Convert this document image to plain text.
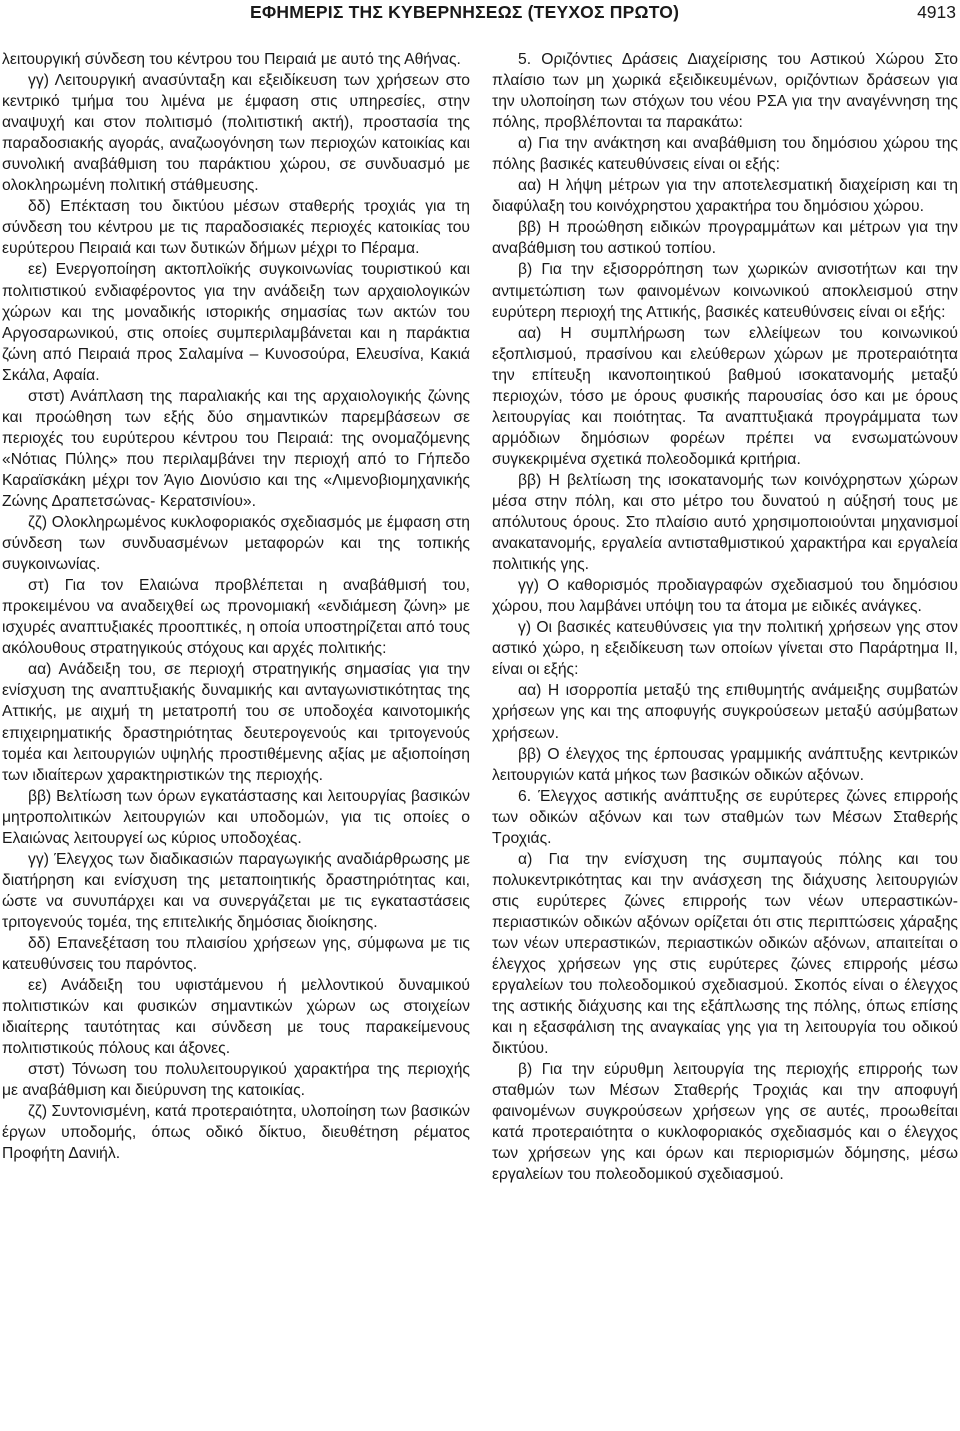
ΕΦΗΜΕΡΙΣ ΤΗΣ ΚΥΒΕΡΝΗΣΕΩΣ (ΤΕΥΧΟΣ ΠΡΩΤΟ)	4913

λειτουργική σύνδεση του κέντρου του Πειραιά με αυτό της Αθήνας.

γγ) Λειτουργική ανασύνταξη και εξειδίκευση των χρήσεων στο κεντρικό τμήμα του λιμένα με έμφαση στις υπηρεσίες, στην αναψυχή και στον πολιτισμό (πολιτιστική ακτή), προστασία της παραδοσιακής αγοράς, αναζωογόνηση των περιοχών κατοικίας και συνολική αναβάθμιση του παράκτιου χώρου, σε συνδυασμό με ολοκληρωμένη πολιτική στάθμευσης.

δδ) Επέκταση του δικτύου μέσων σταθερής τροχιάς για τη σύνδεση του κέντρου με τις παραδοσιακές περιοχές κατοικίας του ευρύτερου Πειραιά και των δυτικών δήμων μέχρι το Πέραμα.

εε) Ενεργοποίηση ακτοπλοϊκής συγκοινωνίας τουριστικού και πολιτιστικού ενδιαφέροντος για την ανάδειξη των αρχαιολογικών χώρων και της μοναδικής ιστορικής σημασίας των ακτών του Αργοσαρωνικού, στις οποίες συμπεριλαμβάνεται και η παράκτια ζώνη από Πειραιά προς Σαλαμίνα – Κυνοσούρα, Ελευσίνα, Κακιά Σκάλα, Αφαία.

στστ) Ανάπλαση της παραλιακής και της αρχαιολογικής ζώνης και προώθηση των εξής δύο σημαντικών παρεμβάσεων σε περιοχές του ευρύτερου κέντρου του Πειραιά: της ονομαζόμενης «Νότιας Πύλης» που περιλαμβάνει την περιοχή από το Γήπεδο Καραϊσκάκη μέχρι τον Άγιο Διονύσιο και της «Λιμενοβιομηχανικής Ζώνης Δραπετσώνας- Κερατσινίου».

ζζ) Ολοκληρωμένος κυκλοφοριακός σχεδιασμός με έμφαση στη σύνδεση των συνδυασμένων μεταφορών και της τοπικής συγκοινωνίας.

στ) Για τον Ελαιώνα προβλέπεται η αναβάθμισή του, προκειμένου να αναδειχθεί ως προνομιακή «ενδιάμεση ζώνη» με ισχυρές αναπτυξιακές προοπτικές, η οποία υποστηρίζεται από τους ακόλουθους στρατηγικούς στόχους και αρχές πολιτικής:

αα) Ανάδειξη του, σε περιοχή στρατηγικής σημασίας για την ενίσχυση της αναπτυξιακής δυναμικής και ανταγωνιστικότητας της Αττικής, με αιχμή τη μετατροπή του σε υποδοχέα καινοτομικής επιχειρηματικής δραστηριότητας δευτερογενούς και τριτογενούς τομέα και λειτουργιών υψηλής προστιθέμενης αξίας με αξιοποίηση των ιδιαίτερων χαρακτηριστικών της περιοχής.

ββ) Βελτίωση των όρων εγκατάστασης και λειτουργίας βασικών μητροπολιτικών λειτουργιών και υποδομών, για τις οποίες ο Ελαιώνας λειτουργεί ως κύριος υποδοχέας.

γγ) Έλεγχος των διαδικασιών παραγωγικής αναδιάρθρωσης με διατήρηση και ενίσχυση της μεταποιητικής δραστηριότητας και, ώστε να συνυπάρχει και να συνεργάζεται με τις εγκαταστάσεις τριτογενούς τομέα, της επιτελικής δημόσιας διοίκησης.

δδ) Επανεξέταση του πλαισίου χρήσεων γης, σύμφωνα με τις κατευθύνσεις του παρόντος.

εε) Ανάδειξη του υφιστάμενου ή μελλοντικού δυναμικού πολιτιστικών και φυσικών σημαντικών χώρων ως στοιχείων ιδιαίτερης ταυτότητας και σύνδεση με τους παρακείμενους πολιτιστικούς πόλους και άξονες.

στστ) Τόνωση του πολυλειτουργικού χαρακτήρα της περιοχής με αναβάθμιση και διεύρυνση της κατοικίας.

ζζ) Συντονισμένη, κατά προτεραιότητα, υλοποίηση των βασικών έργων υποδομής, όπως οδικό δίκτυο, διευθέτηση ρέματος Προφήτη Δανιήλ.

5. Οριζόντιες Δράσεις Διαχείρισης του Αστικού Χώρου Στο πλαίσιο των μη χωρικά εξειδικευμένων, οριζόντιων δράσεων για την υλοποίηση των στόχων του νέου ΡΣΑ για την αναγέννηση της πόλης, προβλέπονται τα παρακάτω:

α) Για την ανάκτηση και αναβάθμιση του δημόσιου χώρου της πόλης βασικές κατευθύνσεις είναι οι εξής:

αα) Η λήψη μέτρων για την αποτελεσματική διαχείριση και τη διαφύλαξη του κοινόχρηστου χαρακτήρα του δημόσιου χώρου.

ββ) Η προώθηση ειδικών προγραμμάτων και μέτρων για την αναβάθμιση του αστικού τοπίου.

β) Για την εξισορρόπηση των χωρικών ανισοτήτων και την αντιμετώπιση των φαινομένων κοινωνικού αποκλεισμού στην ευρύτερη περιοχή της Αττικής, βασικές κατευθύνσεις είναι οι εξής:

αα) Η συμπλήρωση των ελλείψεων του κοινωνικού εξοπλισμού, πρασίνου και ελεύθερων χώρων με προτεραιότητα την επίτευξη ικανοποιητικού βαθμού ισοκατανομής μεταξύ περιοχών, τόσο με όρους φυσικής παρουσίας όσο και με όρους λειτουργίας και ποιότητας. Τα αναπτυξιακά προγράμματα των αρμόδιων δημόσιων φορέων πρέπει να ενσωματώνουν συγκεκριμένα σχετικά πολεοδομικά κριτήρια.

ββ) Η βελτίωση της ισοκατανομής των κοινόχρηστων χώρων μέσα στην πόλη, και στο μέτρο του δυνατού η αύξησή τους με απόλυτους όρους. Στο πλαίσιο αυτό χρησιμοποιούνται μηχανισμοί ανακατανομής, εργαλεία αντισταθμιστικού χαρακτήρα και εργαλεία πολιτικής γης.

γγ) Ο καθορισμός προδιαγραφών σχεδιασμού του δημόσιου χώρου, που λαμβάνει υπόψη του τα άτομα με ειδικές ανάγκες.

γ) Οι βασικές κατευθύνσεις για την πολιτική χρήσεων γης στον αστικό χώρο, η εξειδίκευση των οποίων γίνεται στο Παράρτημα ΙΙ, είναι οι εξής:

αα) Η ισορροπία μεταξύ της επιθυμητής ανάμειξης συμβατών χρήσεων γης και της αποφυγής συγκρούσεων μεταξύ ασύμβατων χρήσεων.

ββ) Ο έλεγχος της έρπουσας γραμμικής ανάπτυξης κεντρικών λειτουργιών κατά μήκος των βασικών οδικών αξόνων.

6. Έλεγχος αστικής ανάπτυξης σε ευρύτερες ζώνες επιρροής των οδικών αξόνων και των σταθμών των Μέσων Σταθερής Τροχιάς.

α) Για την ενίσχυση της συμπαγούς πόλης και του πολυκεντρικότητας και την ανάσχεση της διάχυσης λειτουργιών στις ευρύτερες ζώνες επιρροής των νέων υπεραστικών- περιαστικών οδικών αξόνων ορίζεται ότι στις περιπτώσεις χάραξης των νέων υπεραστικών, περιαστικών οδικών αξόνων, απαιτείται ο έλεγχος χρήσεων γης στις ευρύτερες ζώνες επιρροής μέσω εργαλείων του πολεοδομικού σχεδιασμού. Σκοπός είναι ο έλεγχος της αστικής διάχυσης και της εξάπλωσης της πόλης, όπως επίσης και η εξασφάλιση της αναγκαίας γης για τη λειτουργία του οδικού δικτύου.

β) Για την εύρυθμη λειτουργία της περιοχής επιρροής των σταθμών των Μέσων Σταθερής Τροχιάς και την αποφυγή φαινομένων συγκρούσεων χρήσεων γης σε αυτές, προωθείται κατά προτεραιότητα ο κυκλοφοριακός σχεδιασμός και ο έλεγχος των χρήσεων γης και όρων και περιορισμών δόμησης, μέσω εργαλείων του πολεοδομικού σχεδιασμού.
